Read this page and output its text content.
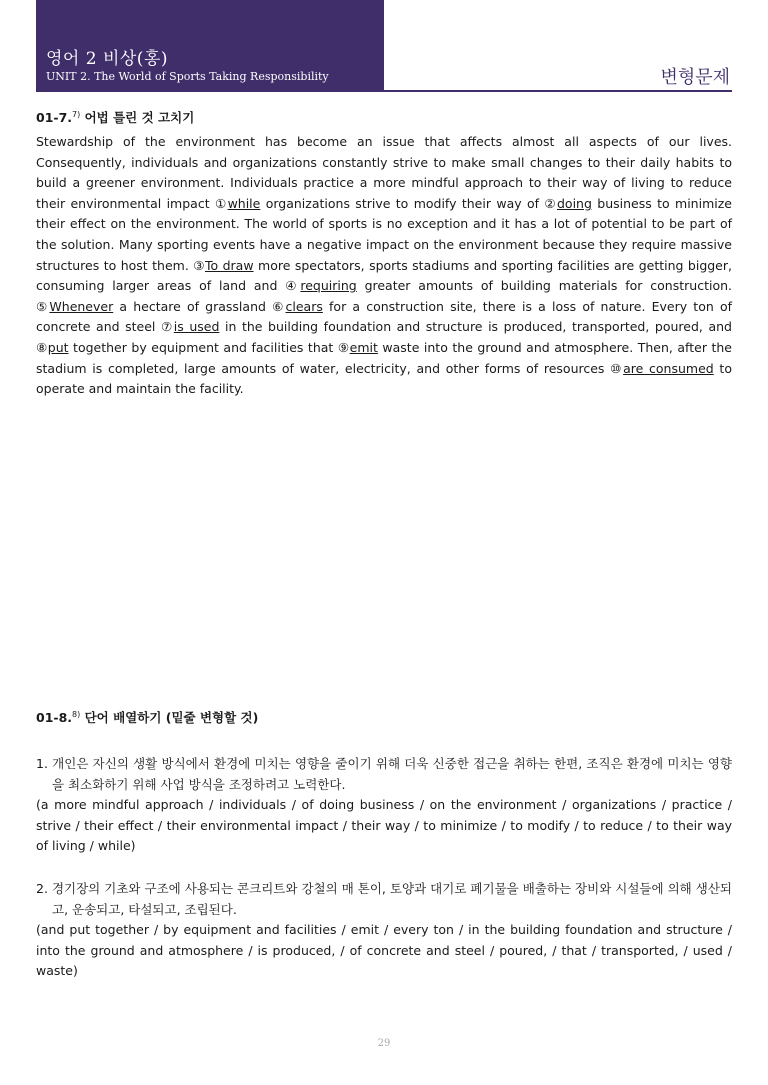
영어 2 비상(홍)
UNIT 2. The World of Sports Taking Responsibility	변형문제
01-7.$^{7)}$ 어법 틀린 것 고치기

Stewardship of the environment has become an issue that affects almost all aspects of our lives. Consequently, individuals and organizations constantly strive to make small changes to their daily habits to build a greener environment. Individuals practice a more mindful approach to their way of living to reduce their environmental impact ①while organizations strive to modify their way of ②doing business to minimize their effect on the environment. The world of sports is no exception and it has a lot of potential to be part of the solution. Many sporting events have a negative impact on the environment because they require massive structures to host them. ③To draw more spectators, sports stadiums and sporting facilities are getting bigger, consuming larger areas of land and ④requiring greater amounts of building materials for construction. ⑤Whenever a hectare of grassland ⑥clears for a construction site, there is a loss of nature. Every ton of concrete and steel ⑦is used in the building foundation and structure is produced, transported, poured, and ⑧put together by equipment and facilities that ⑨emit waste into the ground and atmosphere. Then, after the stadium is completed, large amounts of water, electricity, and other forms of resources ⑩are consumed to operate and maintain the facility.

01-8.$^{8)}$ 단어 배열하기 (밑줄 변형할 것)
1. 개인은 자신의 생활 방식에서 환경에 미치는 영향을 줄이기 위해 더욱 신중한 접근을 취하는 한편, 조직은 환경에 미치는 영향을 최소화하기 위해 사업 방식을 조정하려고 노력한다.
(a more mindful approach / individuals / of doing business / on the environment / organizations / practice / strive / their effect / their environmental impact / their way / to minimize / to modify / to reduce / to their way of living / while)
2. 경기장의 기초와 구조에 사용되는 콘크리트와 강철의 매 톤이, 토양과 대기로 폐기물을 배출하는 장비와 시설들에 의해 생산되고, 운송되고, 타설되고, 조립된다.
(and put together / by equipment and facilities / emit / every ton / in the building foundation and structure / into the ground and atmosphere / is produced, / of concrete and steel / poured, / that / transported, / used / waste)
29
